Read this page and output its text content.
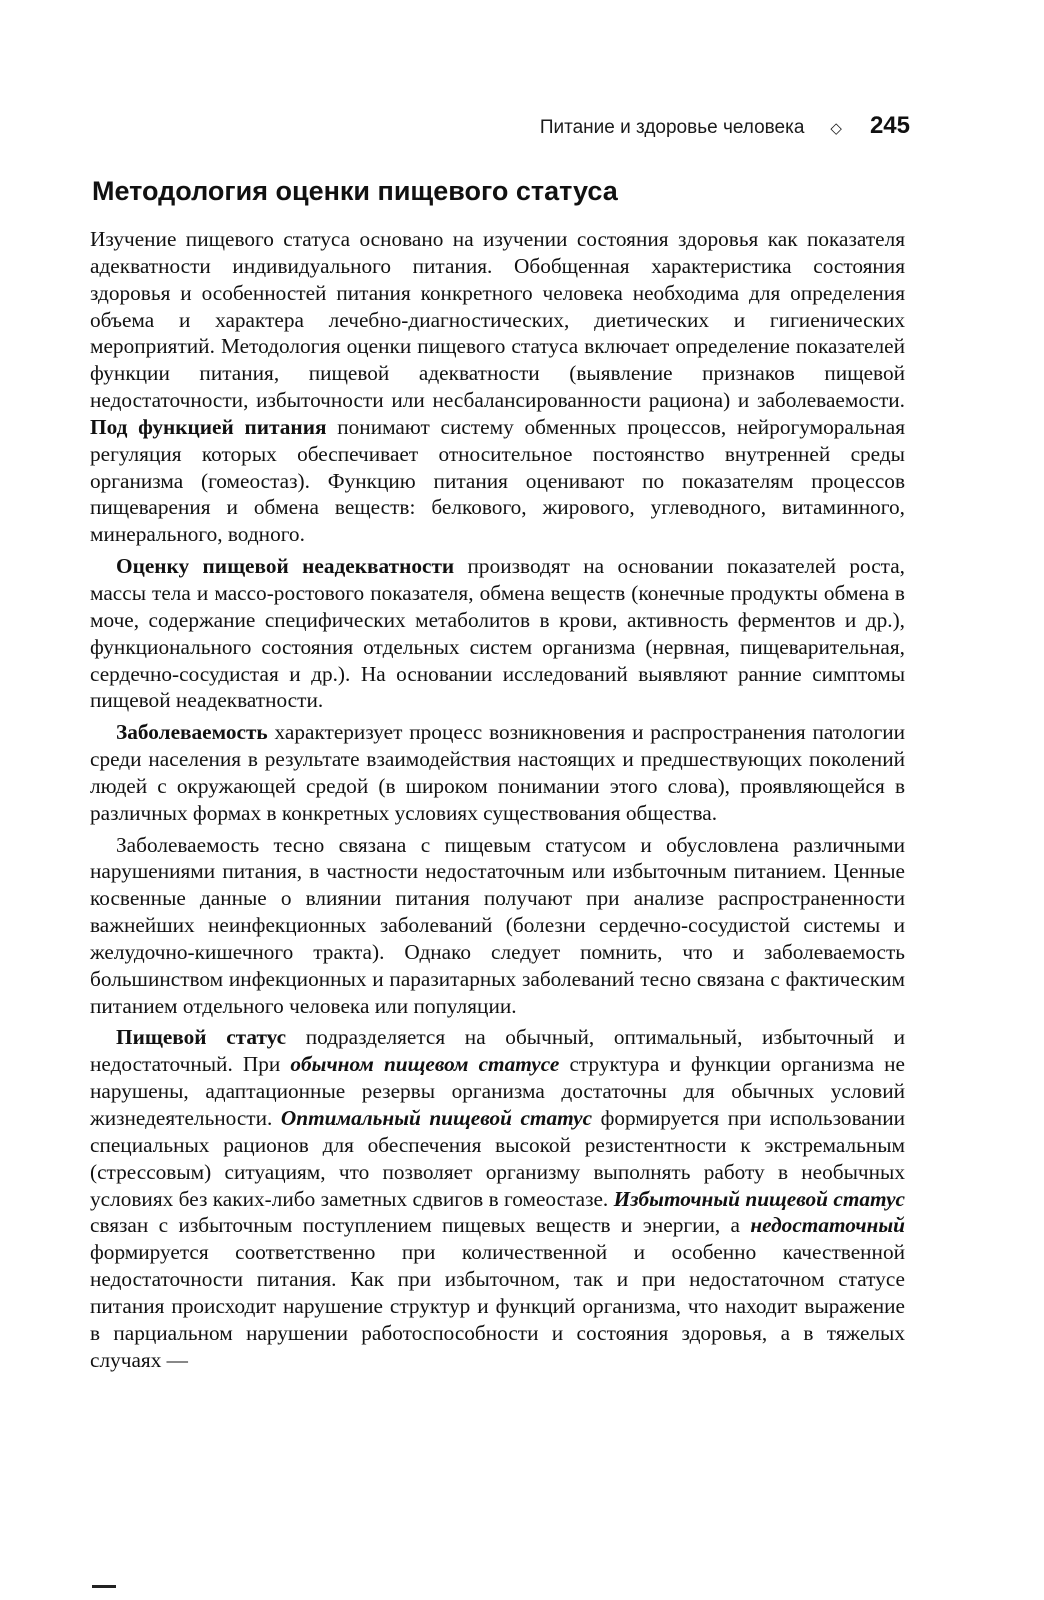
Питание и здоровье человека ◇ 245
Методология оценки пищевого статуса

Изучение пищевого статуса основано на изучении состояния здоровья как показателя адекватности индивидуального питания. Обобщенная характеристика состояния здоровья и особенностей питания конкретного человека необходима для определения объема и характера лечебно-диагностических, диетических и гигиенических мероприятий. Методология оценки пищевого статуса включает определение показателей функции питания, пищевой адекватности (выявление признаков пищевой недостаточности, избыточности или несбалансированности рациона) и заболеваемости. Под функцией питания понимают систему обменных процессов, нейрогуморальная регуляция которых обеспечивает относительное постоянство внутренней среды организма (гомеостаз). Функцию питания оценивают по показателям процессов пищеварения и обмена веществ: белкового, жирового, углеводного, витаминного, минерального, водного.

Оценку пищевой неадекватности производят на основании показателей роста, массы тела и массо-ростового показателя, обмена веществ (конечные продукты обмена в моче, содержание специфических метаболитов в крови, активность ферментов и др.), функционального состояния отдельных систем организма (нервная, пищеварительная, сердечно-сосудистая и др.). На основании исследований выявляют ранние симптомы пищевой неадекватности.

Заболеваемость характеризует процесс возникновения и распространения патологии среди населения в результате взаимодействия настоящих и предшествующих поколений людей с окружающей средой (в широком понимании этого слова), проявляющейся в различных формах в конкретных условиях существования общества.

Заболеваемость тесно связана с пищевым статусом и обусловлена различными нарушениями питания, в частности недостаточным или избыточным питанием. Ценные косвенные данные о влиянии питания получают при анализе распространенности важнейших неинфекционных заболеваний (болезни сердечно-сосудистой системы и желудочно-кишечного тракта). Однако следует помнить, что и заболеваемость большинством инфекционных и паразитарных заболеваний тесно связана с фактическим питанием отдельного человека или популяции.

Пищевой статус подразделяется на обычный, оптимальный, избыточный и недостаточный. При обычном пищевом статусе структура и функции организма не нарушены, адаптационные резервы организма достаточны для обычных условий жизнедеятельности. Оптимальный пищевой статус формируется при использовании специальных рационов для обеспечения высокой резистентности к экстремальным (стрессовым) ситуациям, что позволяет организму выполнять работу в необычных условиях без каких-либо заметных сдвигов в гомеостазе. Избыточный пищевой статус связан с избыточным поступлением пищевых веществ и энергии, а недостаточный формируется соответственно при количественной и особенно качественной недостаточности питания. Как при избыточном, так и при недостаточном статусе питания происходит нарушение структур и функций организма, что находит выражение в парциальном нарушении работоспособности и состояния здоровья, а в тяжелых случаях —
